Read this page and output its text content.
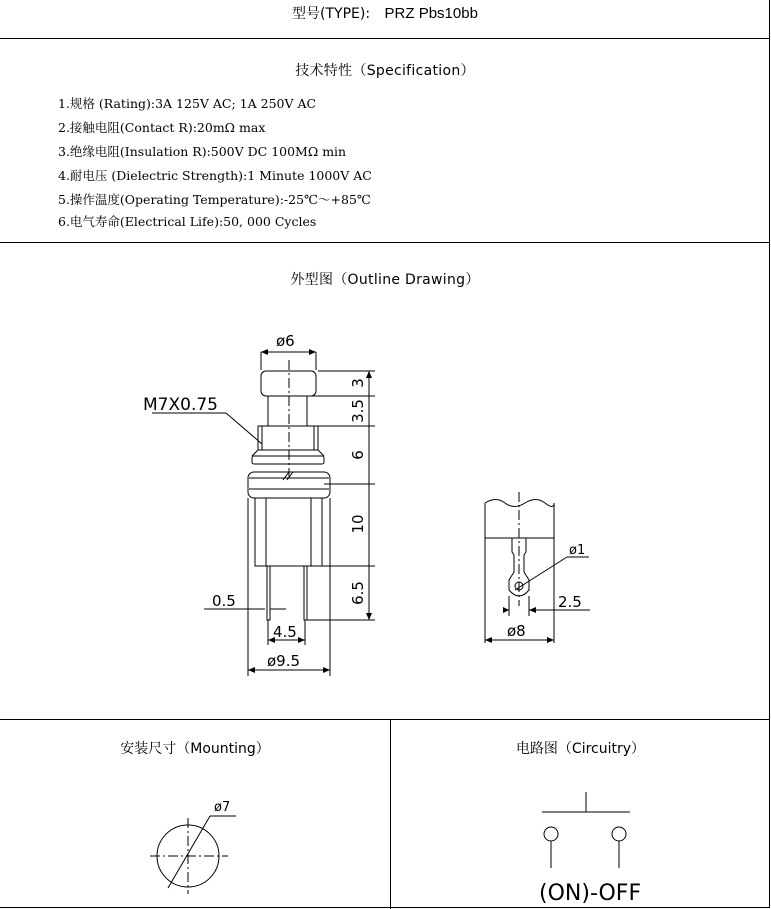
型号(TYPE): PRZ Pbs10bb
技术特性（Specification）
1.规格 (Rating):3A 125V AC; 1A 250V AC
2.接触电阻(Contact R):20mΩ max
3.绝缘电阻(Insulation R):500V DC 100MΩ min
4.耐电压 (Dielectric Strength):1 Minute 1000V AC
5.操作温度(Operating Temperature):-25℃～+85℃
6.电气寿命(Electrical Life):50, 000 Cycles
外型图（Outline Drawing）
ø6
M7X0.75
3
3.5
6
10
6.5
0.5
4.5
ø9.5
ø1
2.5
ø8
ø7
(ON)-OFF
安装尺寸（Mounting）	电路图（Circuitry）
